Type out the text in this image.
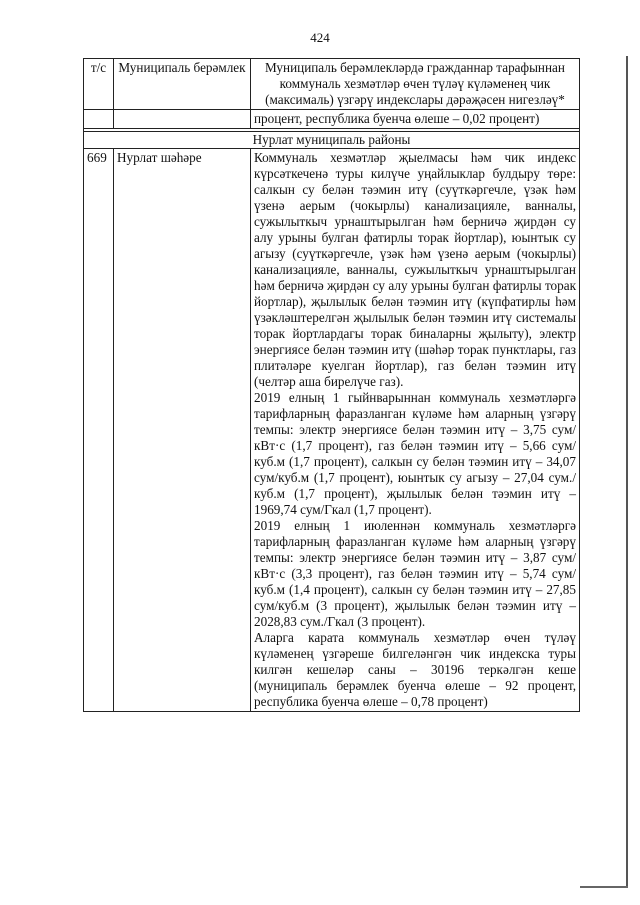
424
т/с	Муниципаль берәмлек	Муниципаль берәмлекләрдә гражданнар тарафыннан коммуналь хезмәтләр өчен түләү күләменең чик (максималь) үзгәрү индекслары дәрәҗәсен нигезләү*
		процент, республика буенча өлеше – 0,02 процент)

Нурлат муниципаль районы		
669	Нурлат шәһәре	Коммуналь хезмәтләр җыелмасы һәм чик индекс күрсәткеченә туры килүче уңайлыклар булдыру төре: салкын су белән тәэмин итү (суүткәргечле, үзәк һәм үзенә аерым (чокырлы) канализацияле, ванналы, сужылыткыч урнаштырылган һәм берничә җирдән су алу урыны булган фатирлы торак йортлар), юынтык су агызу (суүткәргечле, үзәк һәм үзенә аерым (чокырлы) канализацияле, ванналы, сужылыткыч урнаштырылган һәм берничә җирдән су алу урыны булган фатирлы торак йортлар), җылылык белән тәэмин итү (күпфатирлы һәм үзәкләштерелгән җылылык белән тәэмин итү системалы торак йортлардагы торак биналарны җылыту), электр энергиясе белән тәэмин итү (шәһәр торак пунктлары, газ плитәләре куелган йортлар), газ белән тәэмин итү (челтәр аша бирелүче газ).

2019 елның 1 гыйнварыннан коммуналь хезмәтләргә тарифларның фаразланган күләме һәм аларның үзгәрү темпы: электр энергиясе белән тәэмин итү – 3,75 сум/кВт·с (1,7 процент), газ белән тәэмин итү – 5,66 сум/куб.м (1,7 процент), салкын су белән тәэмин итү – 34,07 сум/куб.м (1,7 процент), юынтык су агызу – 27,04 сум./куб.м (1,7 процент), җылылык белән тәэмин итү – 1969,74 сум/Гкал (1,7 процент).

2019 елның 1 июленнән коммуналь хезмәтләргә тарифларның фаразланган күләме һәм аларның үзгәрү темпы: электр энергиясе белән тәэмин итү – 3,87 сум/кВт·с (3,3 процент), газ белән тәэмин итү – 5,74 сум/куб.м (1,4 процент), салкын су белән тәэмин итү – 27,85 сум/куб.м (3 процент), җылылык белән тәэмин итү – 2028,83 сум./Гкал (3 процент).

Аларга карата коммуналь хезмәтләр өчен түләү күләменең үзгәреше билгеләнгән чик индекска туры килгән кешеләр саны – 30196 теркәлгән кеше (муниципаль берәмлек буенча өлеше – 92 процент, республика буенча өлеше – 0,78 процент)
